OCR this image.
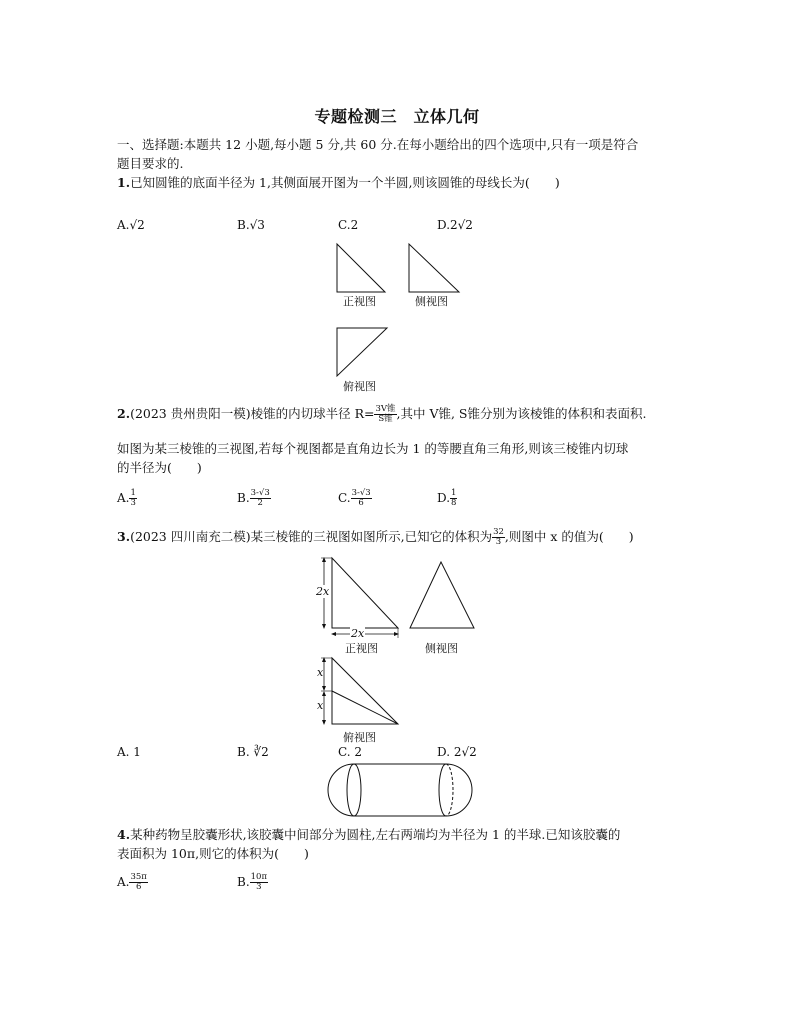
专题检测三　立体几何
一、选择题:本题共 12 小题,每小题 5 分,共 60 分.在每小题给出的四个选项中,只有一项是符合
题目要求的.
1.已知圆锥的底面半径为 1,其侧面展开图为一个半圆,则该圆锥的母线长为(　　)
A.√2	B.√3	C.2	D.2√2
正视图	侧视图
俯视图
2.(2023 贵州贵阳一模)棱锥的内切球半径 $R= \frac{\text{3V锥}}{\text{S锥}}$ ,其中 V锥, S锥分别为该棱锥的体积和表面积.
如图为某三棱锥的三视图,若每个视图都是直角边长为 1 的等腰直角三角形,则该三棱锥内切球
的半径为(　　)
A. $\frac{1}{3}$	B. $\frac{3-√3}{2}$	C. $\frac{3-√3}{6}$	D. $\frac{1}{8}$
3.(2023 四川南充二模)某三棱锥的三视图如图所示,已知它的体积为 $\frac{32}{3}$ ,则图中 x 的值为(　　)
2x
2x
正视图	侧视图
x
x
俯视图
A. 1	B. ∛2	C. 2	D. 2√2
4.某种药物呈胶囊形状,该胶囊中间部分为圆柱,左右两端均为半径为 1 的半球.已知该胶囊的
表面积为 10π,则它的体积为(　　)
A. $\frac{35\pi}{6}$	B. $\frac{10\pi}{3}$
